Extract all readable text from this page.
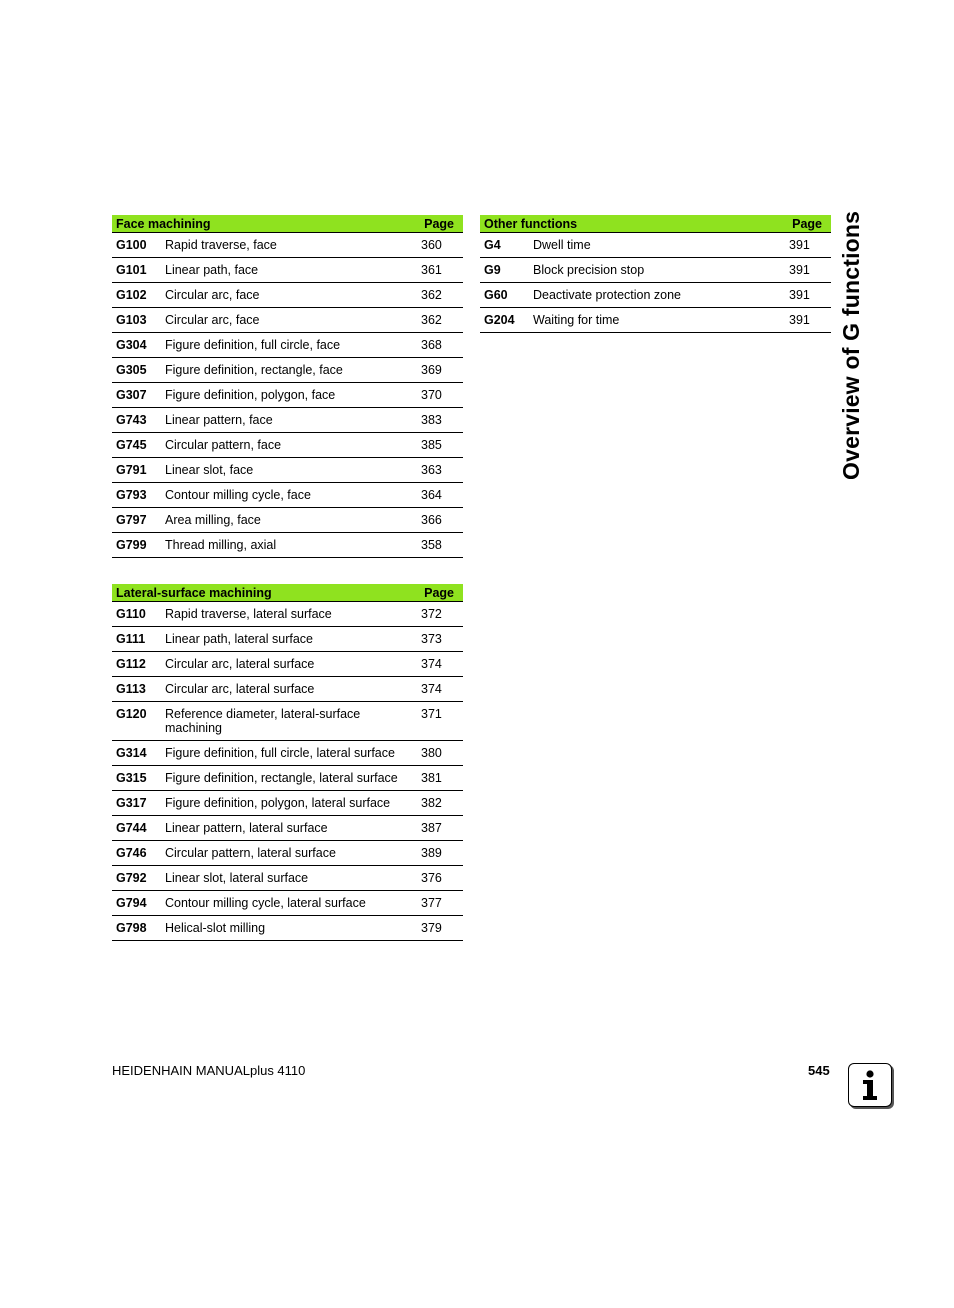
Face machining		Page
G100	Rapid traverse, face	360
G101	Linear path, face	361
G102	Circular arc, face	362
G103	Circular arc, face	362
G304	Figure definition, full circle, face	368
G305	Figure definition, rectangle, face	369
G307	Figure definition, polygon, face	370
G743	Linear pattern, face	383
G745	Circular pattern, face	385
G791	Linear slot, face	363
G793	Contour milling cycle, face	364
G797	Area milling, face	366
G799	Thread milling, axial	358
Lateral-surface machining		Page
G110	Rapid traverse, lateral surface	372
G111	Linear path, lateral surface	373
G112	Circular arc, lateral surface	374
G113	Circular arc, lateral surface	374
G120	Reference diameter, lateral-surface machining	371
G314	Figure definition, full circle, lateral surface	380
G315	Figure definition, rectangle, lateral surface	381
G317	Figure definition, polygon, lateral surface	382
G744	Linear pattern, lateral surface	387
G746	Circular pattern, lateral surface	389
G792	Linear slot, lateral surface	376
G794	Contour milling cycle, lateral surface	377
G798	Helical-slot milling	379
Other functions		Page
G4	Dwell time	391
G9	Block precision stop	391
G60	Deactivate protection zone	391
G204	Waiting for time	391 Overview of G functions
HEIDENHAIN MANUALplus 4110	545
